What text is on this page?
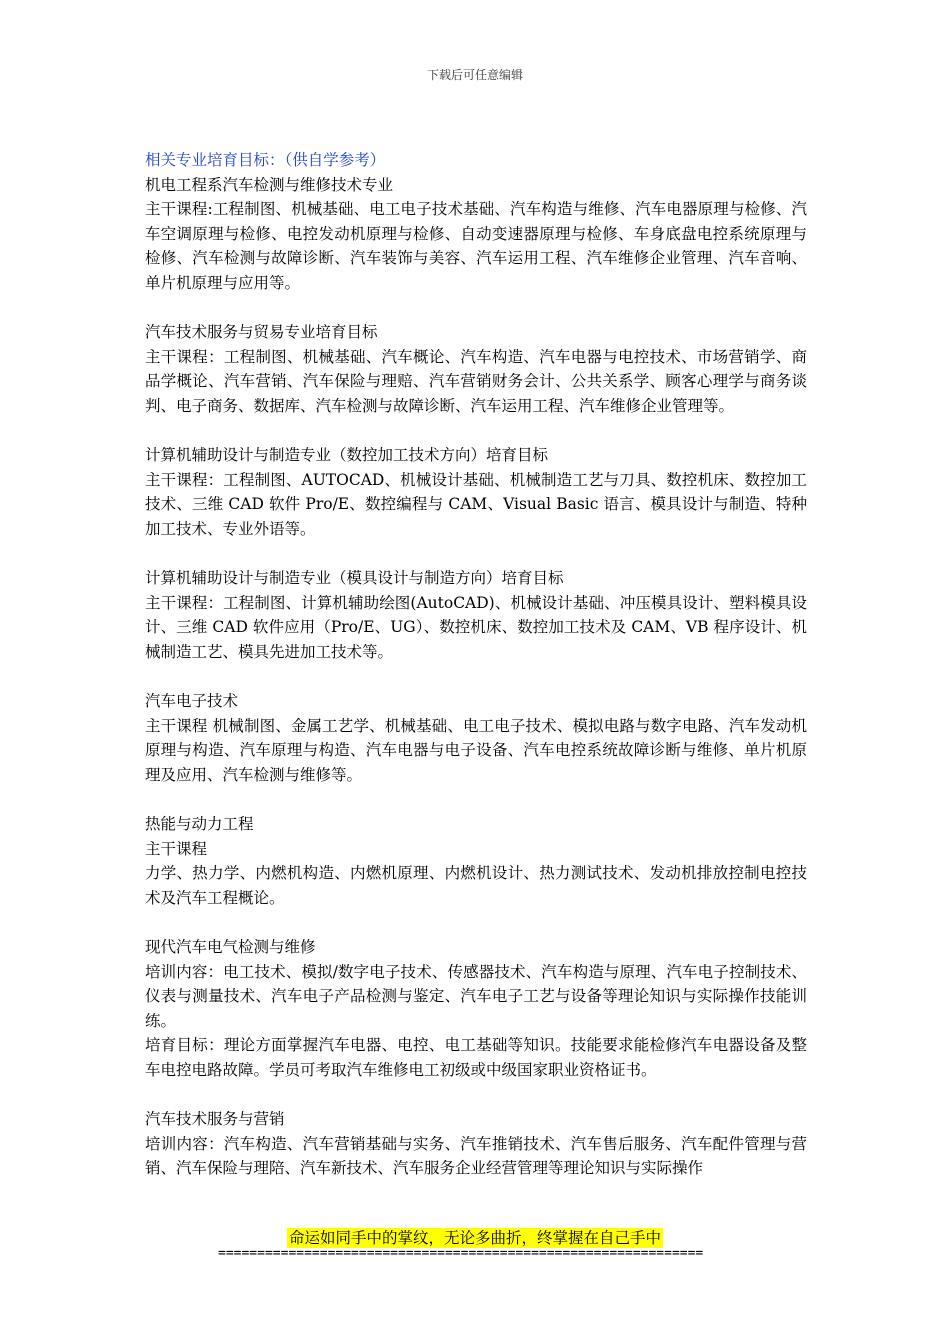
下载后可任意编辑

相关专业培育目标：（供自学参考）

机电工程系汽车检测与维修技术专业

主干课程:工程制图、机械基础、电工电子技术基础、汽车构造与维修、汽车电器原理与检修、汽车空调原理与检修、电控发动机原理与检修、自动变速器原理与检修、车身底盘电控系统原理与检修、汽车检测与故障诊断、汽车装饰与美容、汽车运用工程、汽车维修企业管理、汽车音响、单片机原理与应用等。

汽车技术服务与贸易专业培育目标

主干课程：工程制图、机械基础、汽车概论、汽车构造、汽车电器与电控技术、市场营销学、商品学概论、汽车营销、汽车保险与理赔、汽车营销财务会计、公共关系学、顾客心理学与商务谈判、电子商务、数据库、汽车检测与故障诊断、汽车运用工程、汽车维修企业管理等。

计算机辅助设计与制造专业（数控加工技术方向）培育目标

主干课程：工程制图、AUTOCAD、机械设计基础、机械制造工艺与刀具、数控机床、数控加工技术、三维 CAD 软件 Pro/E、数控编程与 CAM、Visual Basic 语言、模具设计与制造、特种加工技术、专业外语等。

计算机辅助设计与制造专业（模具设计与制造方向）培育目标

主干课程：工程制图、计算机辅助绘图(AutoCAD)、机械设计基础、冲压模具设计、塑料模具设计、三维 CAD 软件应用（Pro/E、UG）、数控机床、数控加工技术及 CAM、VB 程序设计、机械制造工艺、模具先进加工技术等。

汽车电子技术

主干课程 机械制图、金属工艺学、机械基础、电工电子技术、模拟电路与数字电路、汽车发动机原理与构造、汽车原理与构造、汽车电器与电子设备、汽车电控系统故障诊断与维修、单片机原理及应用、汽车检测与维修等。

热能与动力工程

主干课程

力学、热力学、内燃机构造、内燃机原理、内燃机设计、热力测试技术、发动机排放控制电控技术及汽车工程概论。

现代汽车电气检测与维修

培训内容：电工技术、模拟/数字电子技术、传感器技术、汽车构造与原理、汽车电子控制技术、仪表与测量技术、汽车电子产品检测与鉴定、汽车电子工艺与设备等理论知识与实际操作技能训练。

培育目标：理论方面掌握汽车电器、电控、电工基础等知识。技能要求能检修汽车电器设备及整车电控电路故障。学员可考取汽车维修电工初级或中级国家职业资格证书。

汽车技术服务与营销

培训内容：汽车构造、汽车营销基础与实务、汽车推销技术、汽车售后服务、汽车配件管理与营销、汽车保险与理陪、汽车新技术、汽车服务企业经营管理等理论知识与实际操作

命运如同手中的掌纹，无论多曲折，终掌握在自己手中
==============================================================
